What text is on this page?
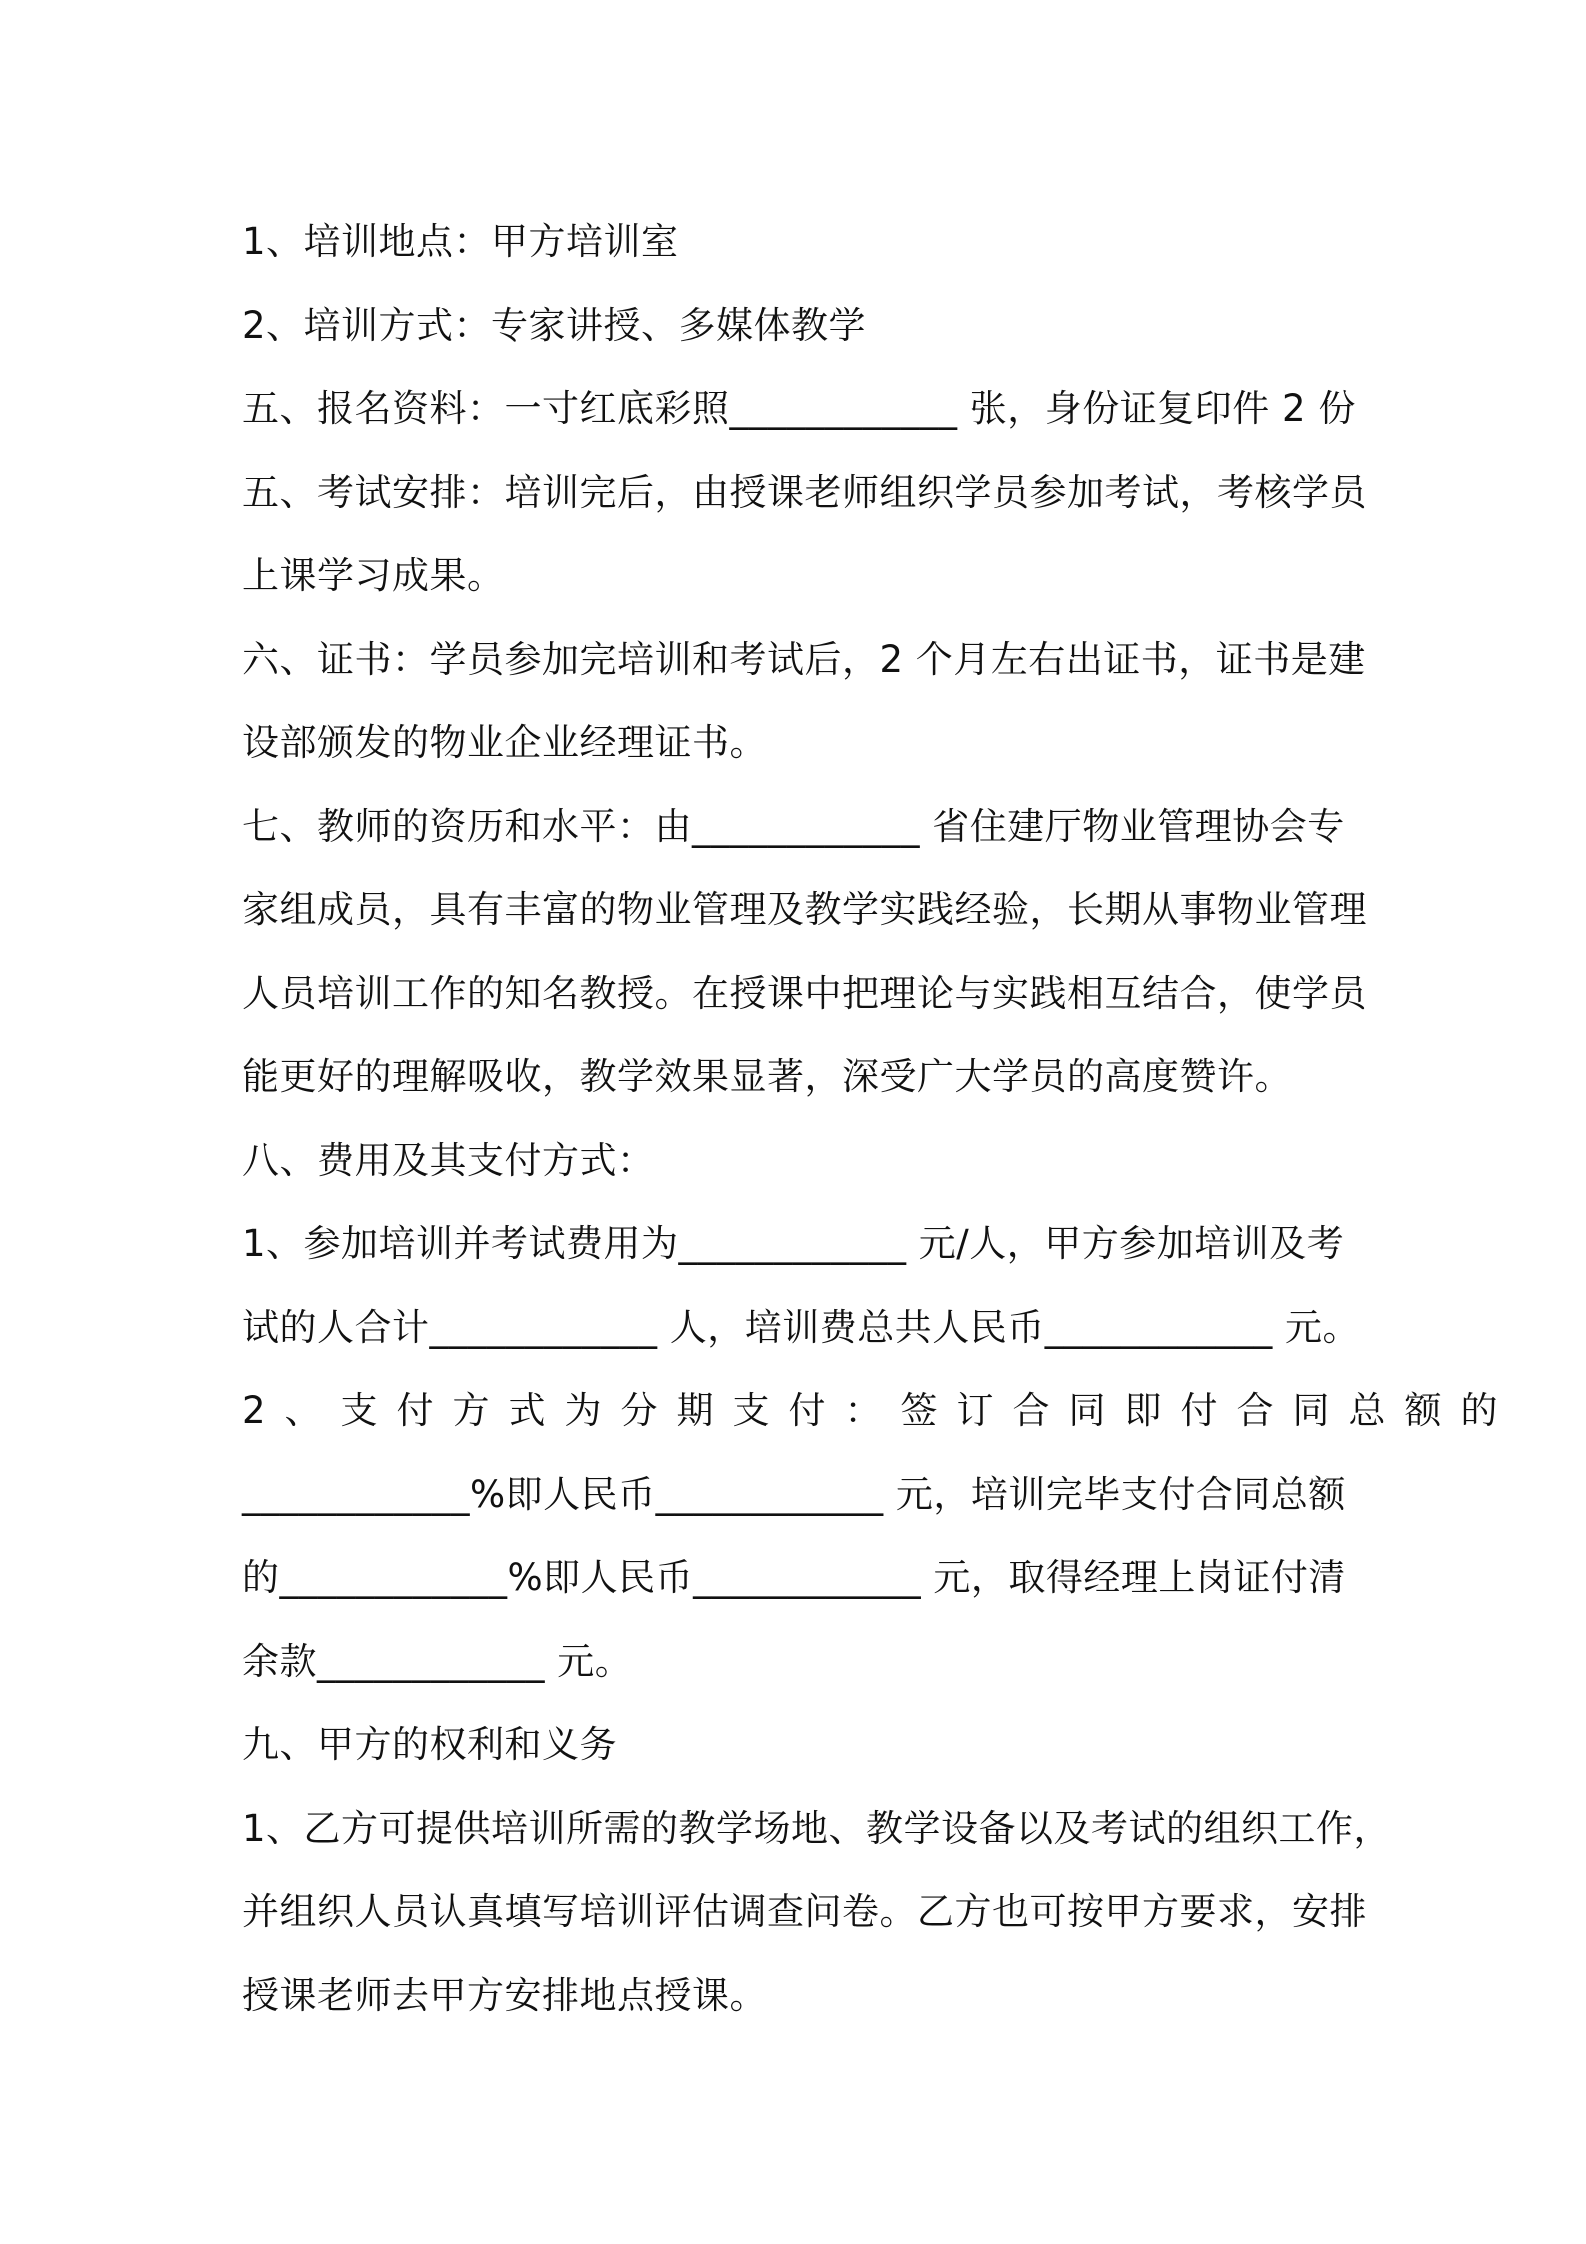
1、培训地点：甲方培训室
2、培训方式：专家讲授、多媒体教学
五、报名资料：一寸红底彩照____________ 张，身份证复印件 2 份
五、考试安排：培训完后，由授课老师组织学员参加考试，考核学员
上课学习成果。
六、证书：学员参加完培训和考试后，2 个月左右出证书，证书是建
设部颁发的物业企业经理证书。
七、教师的资历和水平：由____________ 省住建厅物业管理协会专
家组成员，具有丰富的物业管理及教学实践经验，长期从事物业管理
人员培训工作的知名教授。在授课中把理论与实践相互结合，使学员
能更好的理解吸收，教学效果显著，深受广大学员的高度赞许。
八、费用及其支付方式：
1、参加培训并考试费用为____________ 元/人，甲方参加培训及考
试的人合计____________ 人，培训费总共人民币____________ 元。
2、支付方式为分期支付：签订合同即付合同总额的
____________%即人民币____________ 元，培训完毕支付合同总额
的____________%即人民币____________ 元，取得经理上岗证付清
余款____________ 元。
九、甲方的权利和义务
1、乙方可提供培训所需的教学场地、教学设备以及考试的组织工作，
并组织人员认真填写培训评估调查问卷。乙方也可按甲方要求，安排
授课老师去甲方安排地点授课。
